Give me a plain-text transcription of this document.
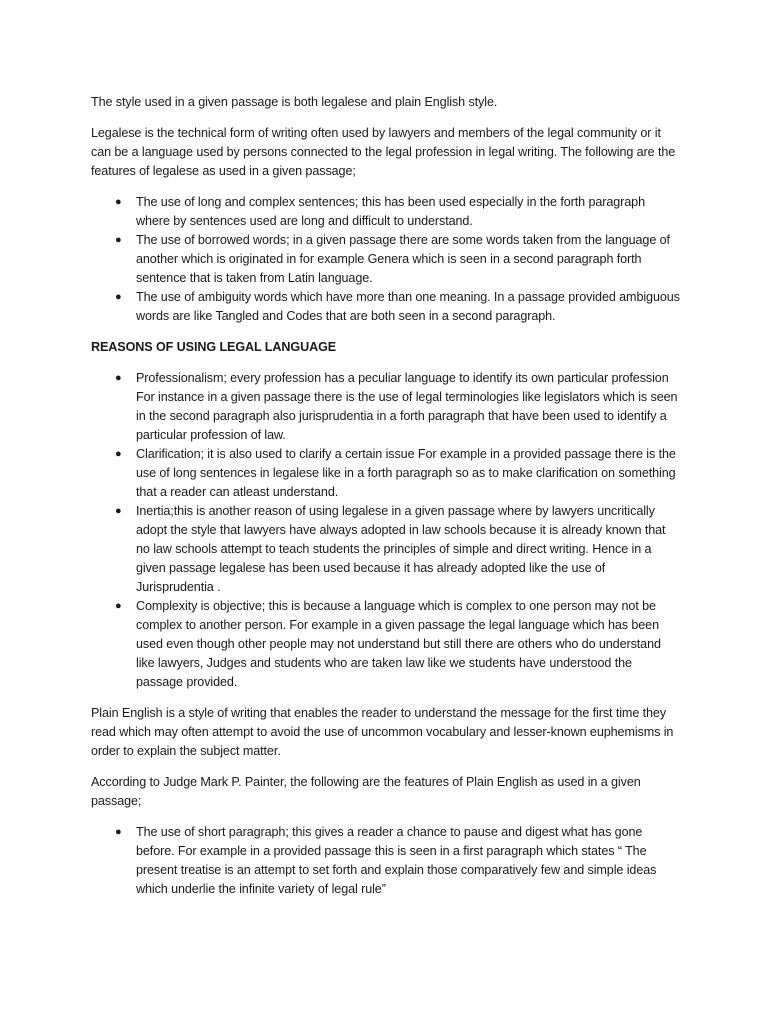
The style used in a given passage is both legalese and plain English style.

Legalese is the technical form of writing often used by lawyers and members of the legal community or it can be a language used by persons connected to the legal profession in legal writing. The following are the features of legalese as used in a given passage;

● The use of long and complex sentences; this has been used especially in the forth paragraph where by sentences used are long and difficult to understand.
● The use of borrowed words; in a given passage there are some words taken from the language of another which is originated in for example Genera which is seen in a second paragraph forth sentence that is taken from Latin language.
● The use of ambiguity words which have more than one meaning. In a passage provided ambiguous words are like Tangled and Codes that are both seen in a second paragraph.

REASONS OF USING LEGAL LANGUAGE

● Professionalism; every profession has a peculiar language to identify its own particular profession For instance in a given passage there is the use of legal terminologies like legislators which is seen in the second paragraph also jurisprudentia in a forth paragraph that have been used to identify a particular profession of law.
● Clarification; it is also used to clarify a certain issue For example in a provided passage there is the use of long sentences in legalese like in a forth paragraph so as to make clarification on something that a reader can atleast understand.
● Inertia;this is another reason of using legalese in a given passage where by lawyers uncritically adopt the style that lawyers have always adopted in law schools because it is already known that no law schools attempt to teach students the principles of simple and direct writing. Hence in a given passage legalese has been used because it has already adopted like the use of Jurisprudentia .
● Complexity is objective; this is because a language which is complex to one person may not be complex to another person. For example in a given passage the legal language which has been used even though other people may not understand but still there are others who do understand like lawyers, Judges and students who are taken law like we students have understood the passage provided.

Plain English is a style of writing that enables the reader to understand the message for the first time they read which may often attempt to avoid the use of uncommon vocabulary and lesser-known euphemisms in order to explain the subject matter.

According to Judge Mark P. Painter, the following are the features of Plain English as used in a given passage;

● The use of short paragraph; this gives a reader a chance to pause and digest what has gone before. For example in a provided passage this is seen in a first paragraph which states “ The present treatise is an attempt to set forth and explain those comparatively few and simple ideas which underlie the infinite variety of legal rule”
